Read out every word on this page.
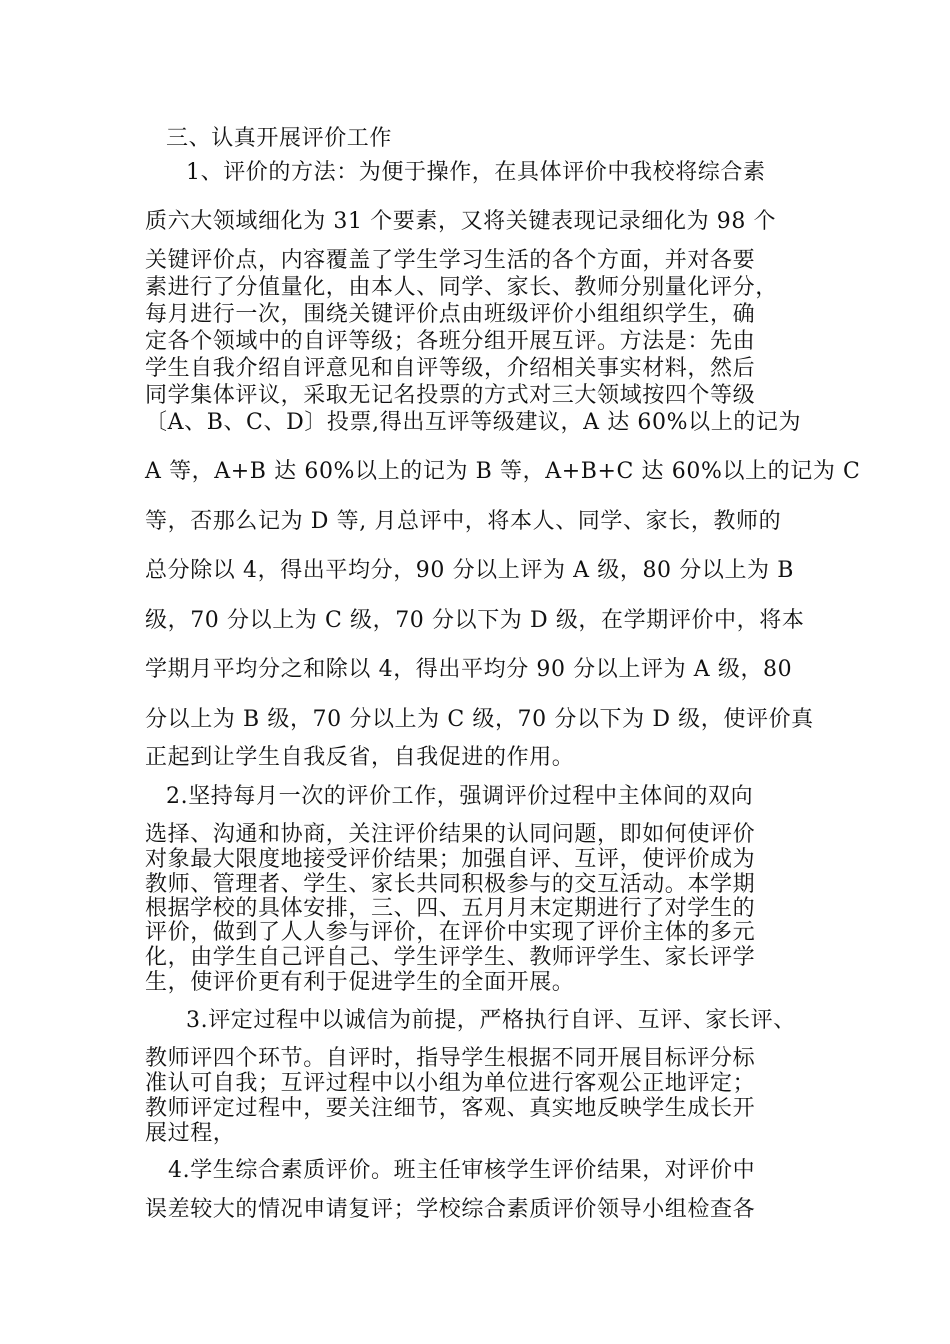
三、认真开展评价工作
1、评价的方法：为便于操作，在具体评价中我校将综合素
质六大领域细化为 31 个要素，又将关键表现记录细化为 98 个
关键评价点，内容覆盖了学生学习生活的各个方面，并对各要
素进行了分值量化，由本人、同学、家长、教师分别量化评分，
每月进行一次，围绕关键评价点由班级评价小组组织学生，确
定各个领域中的自评等级；各班分组开展互评。方法是：先由
学生自我介绍自评意见和自评等级，介绍相关事实材料，然后
同学集体评议，采取无记名投票的方式对三大领域按四个等级
〔A、B、C、D〕投票,得出互评等级建议，A 达 60%以上的记为
A 等，A+B 达 60%以上的记为 B 等，A+B+C 达 60%以上的记为 C
等，否那么记为 D 等, 月总评中，将本人、同学、家长，教师的
总分除以 4，得出平均分，90 分以上评为 A 级，80 分以上为 B
级，70 分以上为 C 级，70 分以下为 D 级，在学期评价中，将本
学期月平均分之和除以 4，得出平均分 90 分以上评为 A 级，80
分以上为 B 级，70 分以上为 C 级，70 分以下为 D 级，使评价真
正起到让学生自我反省，自我促进的作用。
2.坚持每月一次的评价工作，强调评价过程中主体间的双向
选择、沟通和协商，关注评价结果的认同问题，即如何使评价
对象最大限度地接受评价结果；加强自评、互评，使评价成为
教师、管理者、学生、家长共同积极参与的交互活动。本学期
根据学校的具体安排，三、四、五月月末定期进行了对学生的
评价，做到了人人参与评价，在评价中实现了评价主体的多元
化，由学生自己评自己、学生评学生、教师评学生、家长评学
生，使评价更有利于促进学生的全面开展。
3.评定过程中以诚信为前提，严格执行自评、互评、家长评、
教师评四个环节。自评时，指导学生根据不同开展目标评分标
准认可自我；互评过程中以小组为单位进行客观公正地评定；
教师评定过程中，要关注细节，客观、真实地反映学生成长开
展过程，
4.学生综合素质评价。班主任审核学生评价结果，对评价中
误差较大的情况申请复评；学校综合素质评价领导小组检查各
